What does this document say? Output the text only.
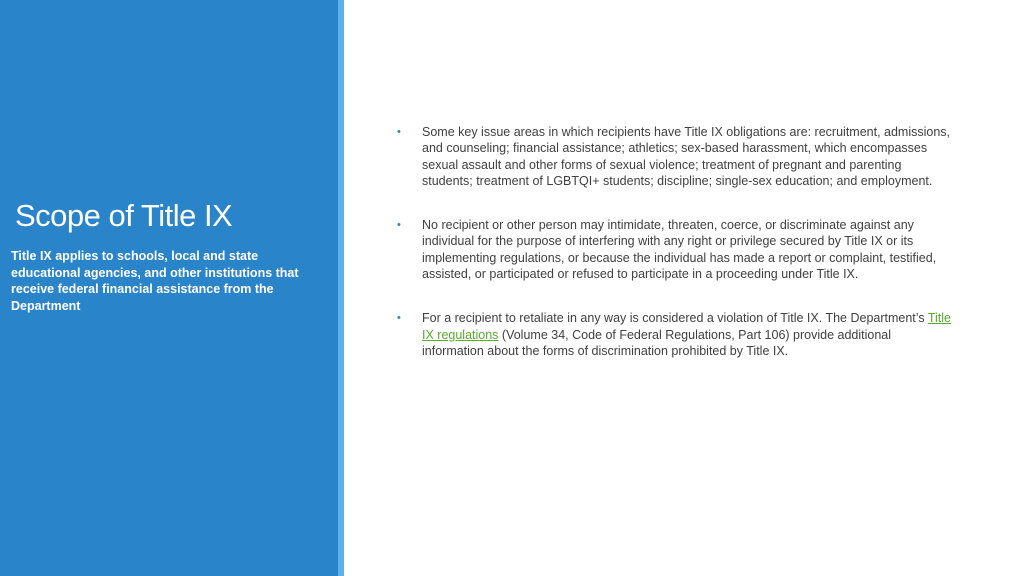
Scope of Title IX

Title IX applies to schools, local and state educational agencies, and other institutions that receive federal financial assistance from the Department

• Some key issue areas in which recipients have Title IX obligations are: recruitment, admissions, and counseling; financial assistance; athletics; sex-based harassment, which encompasses sexual assault and other forms of sexual violence; treatment of pregnant and parenting students; treatment of LGBTQI+ students; discipline; single-sex education; and employment.
• No recipient or other person may intimidate, threaten, coerce, or discriminate against any individual for the purpose of interfering with any right or privilege secured by Title IX or its implementing regulations, or because the individual has made a report or complaint, testified, assisted, or participated or refused to participate in a proceeding under Title IX.
• For a recipient to retaliate in any way is considered a violation of Title IX. The Department’s Title IX regulations (Volume 34, Code of Federal Regulations, Part 106) provide additional information about the forms of discrimination prohibited by Title IX.
